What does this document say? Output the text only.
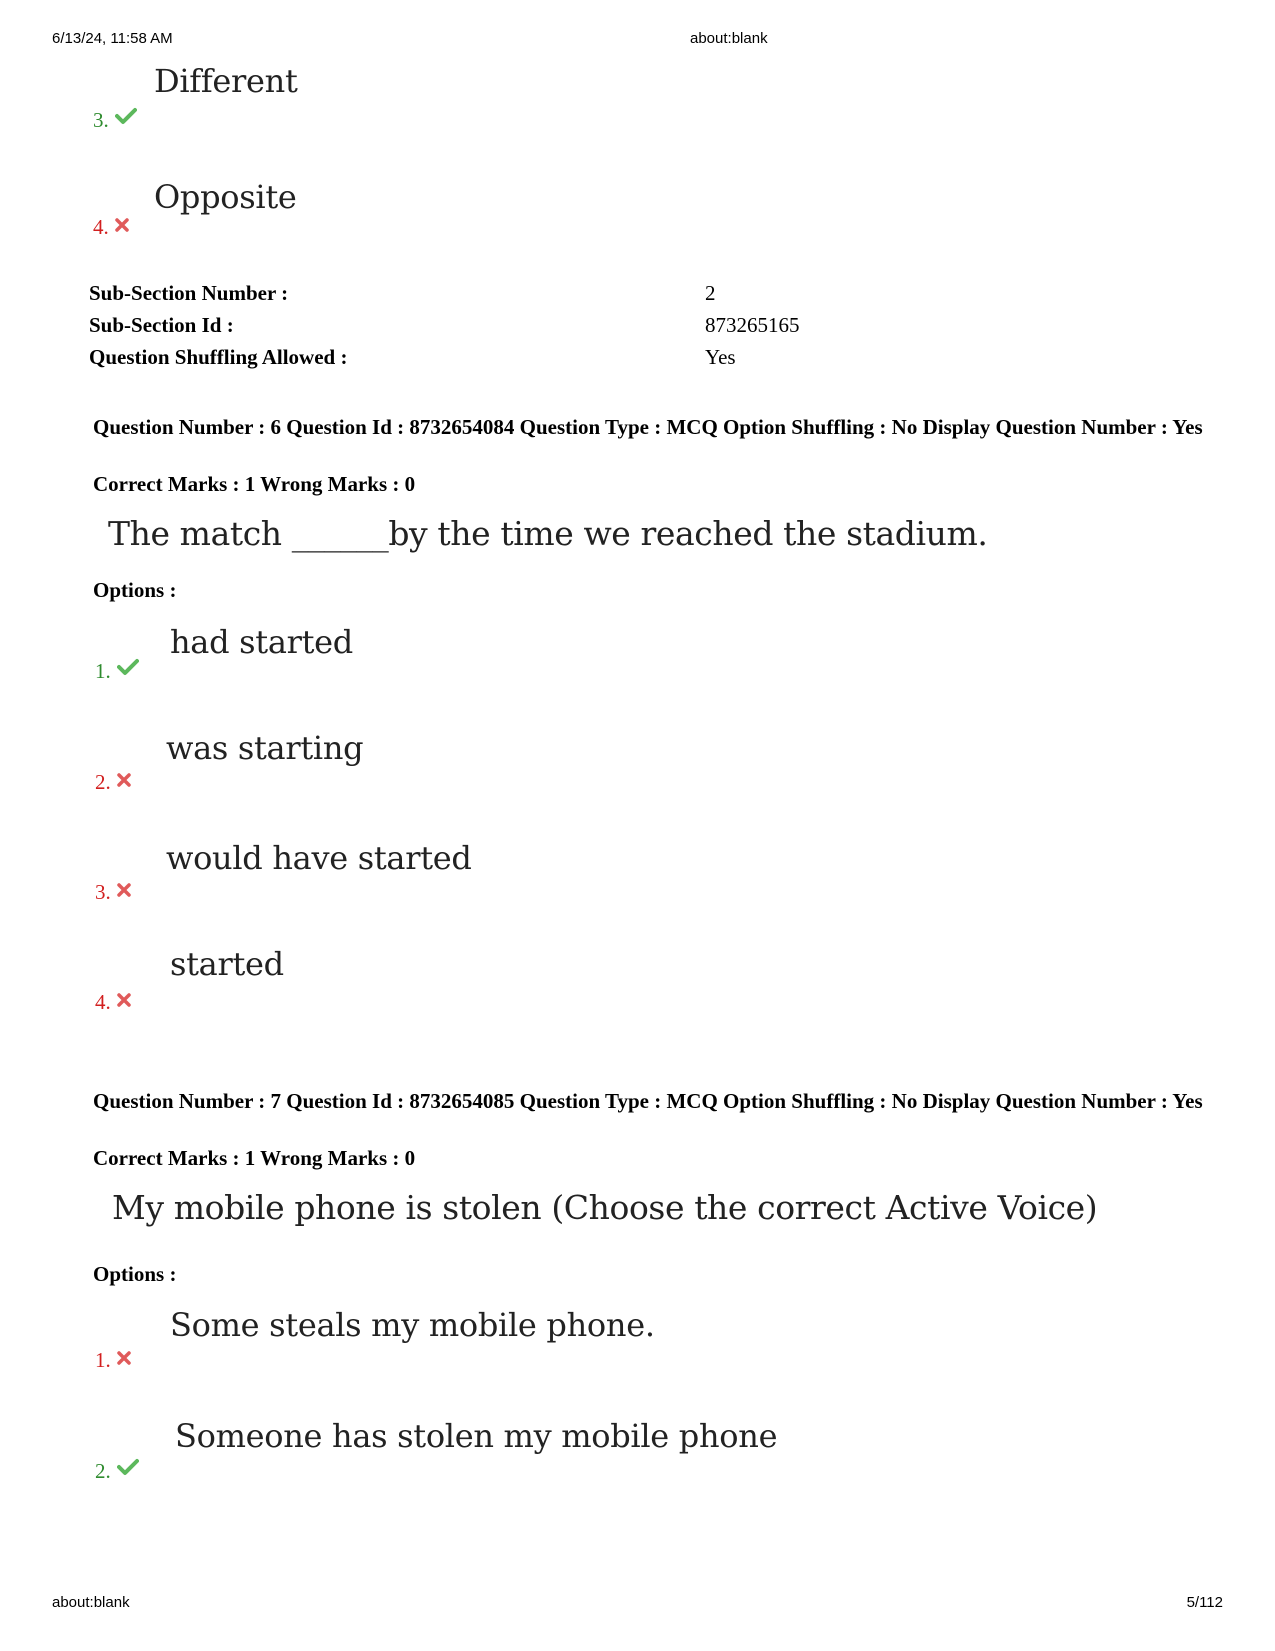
6/13/24, 11:58 AM	about:blank
Different
3.
Opposite
4.
Sub-Section Number :	2
Sub-Section Id :	873265165
Question Shuffling Allowed :	Yes
Question Number : 6 Question Id : 8732654084 Question Type : MCQ Option Shuffling : No Display Question Number : Yes
Correct Marks : 1 Wrong Marks : 0
The match ______by the time we reached the stadium.
Options :
had started
1.
was starting
2.
would have started
3.
started
4.
Question Number : 7 Question Id : 8732654085 Question Type : MCQ Option Shuffling : No Display Question Number : Yes
Correct Marks : 1 Wrong Marks : 0
My mobile phone is stolen (Choose the correct Active Voice)
Options :
Some steals my mobile phone.
1.
Someone has stolen my mobile phone
2.
about:blank	5/112
